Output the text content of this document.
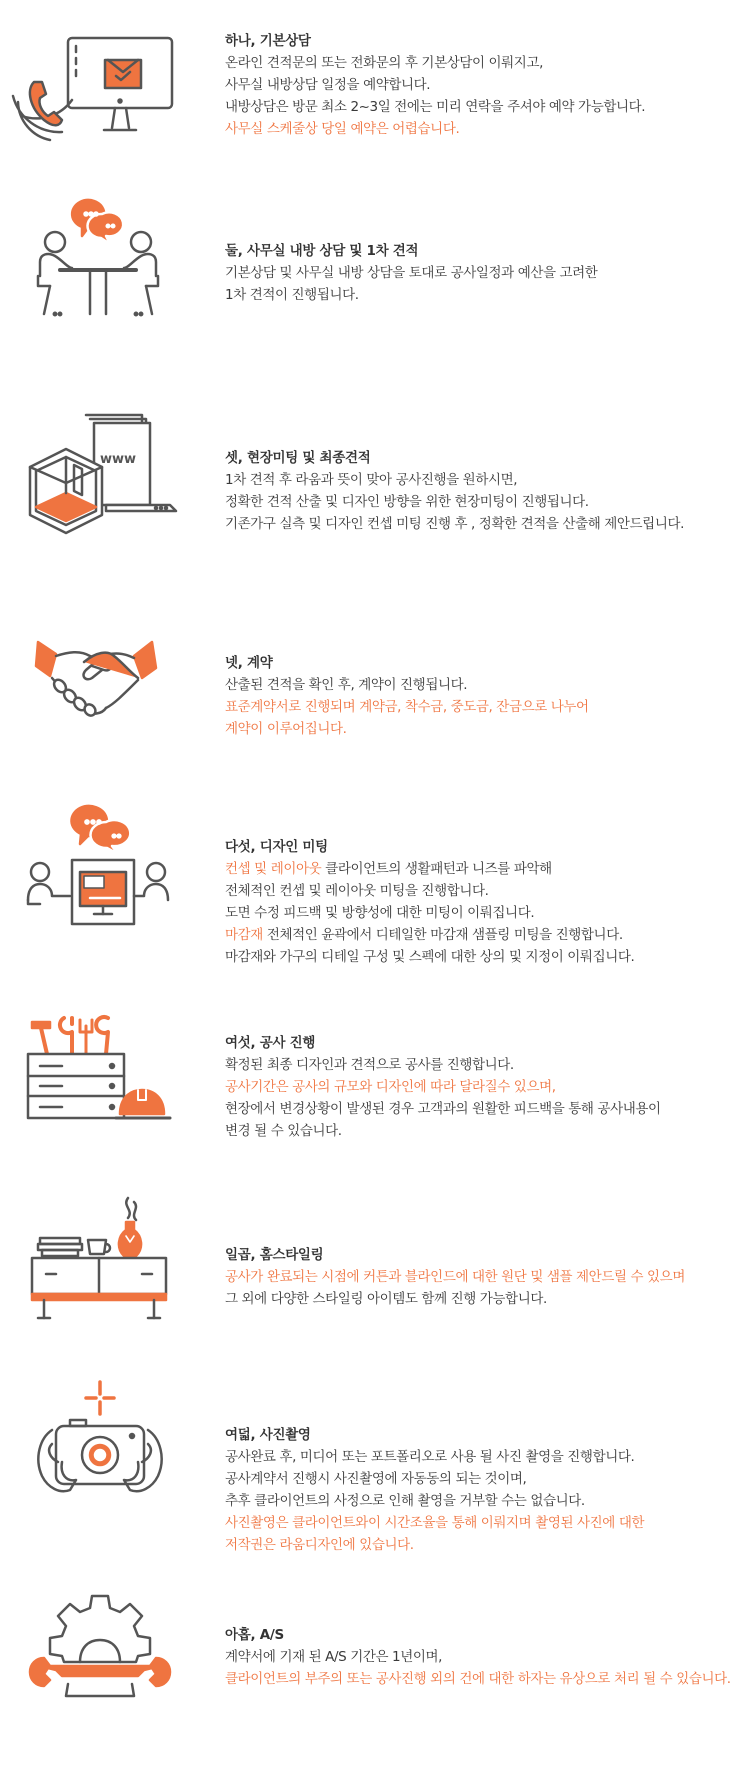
하나, 기본상담

온라인 견적문의 또는 전화문의 후 기본상담이 이뤄지고,

사무실 내방상담 일정을 예약합니다.

내방상담은 방문 최소 2~3일 전에는 미리 연락을 주셔야 예약 가능합니다.

사무실 스케줄상 당일 예약은 어렵습니다.

둘, 사무실 내방 상담 및 1차 견적

기본상담 및 사무실 내방 상담을 토대로 공사일정과 예산을 고려한

1차 견적이 진행됩니다.

www	셋, 현장미팅 및 최종견적

1차 견적 후 라움과 뜻이 맞아 공사진행을 원하시면,

정확한 견적 산출 및 디자인 방향을 위한 현장미팅이 진행됩니다.

기존가구 실측 및 디자인 컨셉 미팅 진행 후 , 정확한 견적을 산출해 제안드립니다.

넷, 계약

산출된 견적을 확인 후, 계약이 진행됩니다.

표준계약서로 진행되며 계약금, 착수금, 중도금, 잔금으로 나누어

계약이 이루어집니다.

다섯, 디자인 미팅

컨셉 및 레이아웃 클라이언트의 생활패턴과 니즈를 파악해

전체적인 컨셉 및 레이아웃 미팅을 진행합니다.

도면 수정 피드백 및 방향성에 대한 미팅이 이뤄집니다.

마감재 전체적인 윤곽에서 디테일한 마감재 샘플링 미팅을 진행합니다.

마감재와 가구의 디테일 구성 및 스펙에 대한 상의 및 지정이 이뤄집니다.

여섯, 공사 진행

확정된 최종 디자인과 견적으로 공사를 진행합니다.

공사기간은 공사의 규모와 디자인에 따라 달라질수 있으며,

현장에서 변경상황이 발생된 경우 고객과의 원활한 피드백을 통해 공사내용이

변경 될 수 있습니다.

일곱, 홈스타일링

공사가 완료되는 시점에 커튼과 블라인드에 대한 원단 및 샘플 제안드릴 수 있으며

그 외에 다양한 스타일링 아이템도 함께 진행 가능합니다.

여덟, 사진촬영

공사완료 후, 미디어 또는 포트폴리오로 사용 될 사진 촬영을 진행합니다.

공사계약서 진행시 사진촬영에 자동동의 되는 것이며,

추후 클라이언트의 사정으로 인해 촬영을 거부할 수는 없습니다.

사진촬영은 클라이언트와이 시간조율을 통해 이뤄지며 촬영된 사진에 대한

저작권은 라움디자인에 있습니다.

아홉, A/S

계약서에 기재 된 A/S 기간은 1년이며,

클라이언트의 부주의 또는 공사진행 외의 건에 대한 하자는 유상으로 처리 될 수 있습니다.
